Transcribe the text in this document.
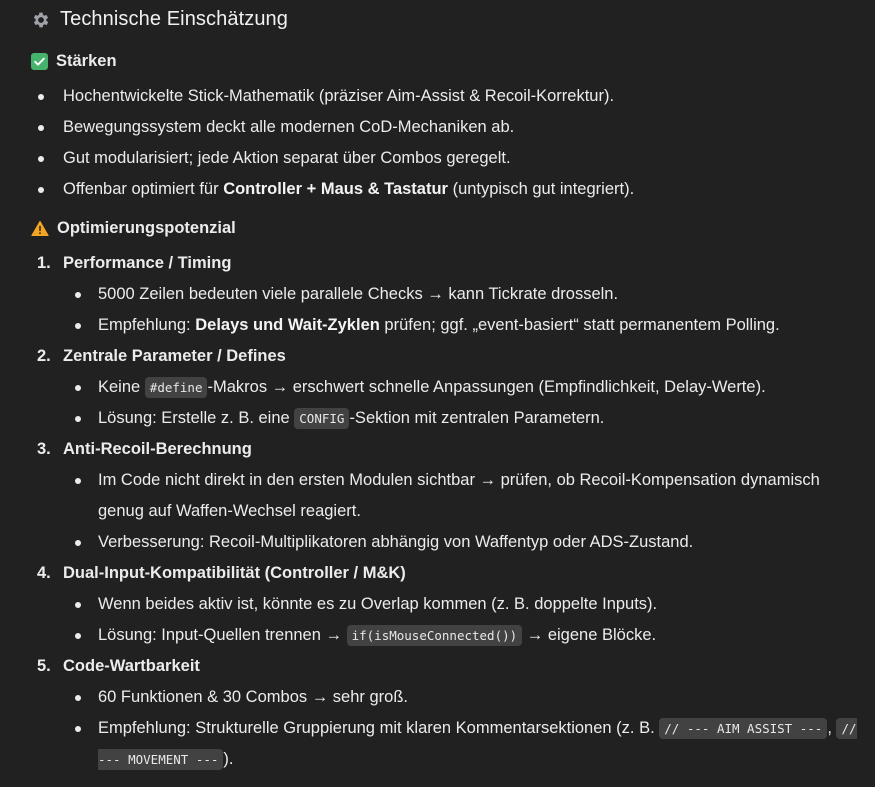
Technische Einschätzung
Stärken
Hochentwickelte Stick-Mathematik (präziser Aim-Assist & Recoil-Korrektur).
Bewegungssystem deckt alle modernen CoD-Mechaniken ab.
Gut modularisiert; jede Aktion separat über Combos geregelt.
Offenbar optimiert für Controller + Maus & Tastatur (untypisch gut integriert).
Optimierungspotenzial
1. Performance / Timing
5000 Zeilen bedeuten viele parallele Checks → kann Tickrate drosseln.
Empfehlung: Delays und Wait-Zyklen prüfen; ggf. „event-basiert“ statt permanentem Polling.
2. Zentrale Parameter / Defines
Keine #define -Makros → erschwert schnelle Anpassungen (Empfindlichkeit, Delay-Werte).
Lösung: Erstelle z. B. eine CONFIG -Sektion mit zentralen Parametern.
3. Anti-Recoil-Berechnung
Im Code nicht direkt in den ersten Modulen sichtbar → prüfen, ob Recoil-Kompensation dynamisch genug auf Waffen-Wechsel reagiert.
Verbesserung: Recoil-Multiplikatoren abhängig von Waffentyp oder ADS-Zustand.
4. Dual-Input-Kompatibilität (Controller / M&K)
Wenn beides aktiv ist, könnte es zu Overlap kommen (z. B. doppelte Inputs).
Lösung: Input-Quellen trennen → if(isMouseConnected()) → eigene Blöcke.
5. Code-Wartbarkeit
60 Funktionen & 30 Combos → sehr groß.
Empfehlung: Strukturelle Gruppierung mit klaren Kommentarsektionen (z. B. // --- AIM ASSIST --- , // --- MOVEMENT --- ).
